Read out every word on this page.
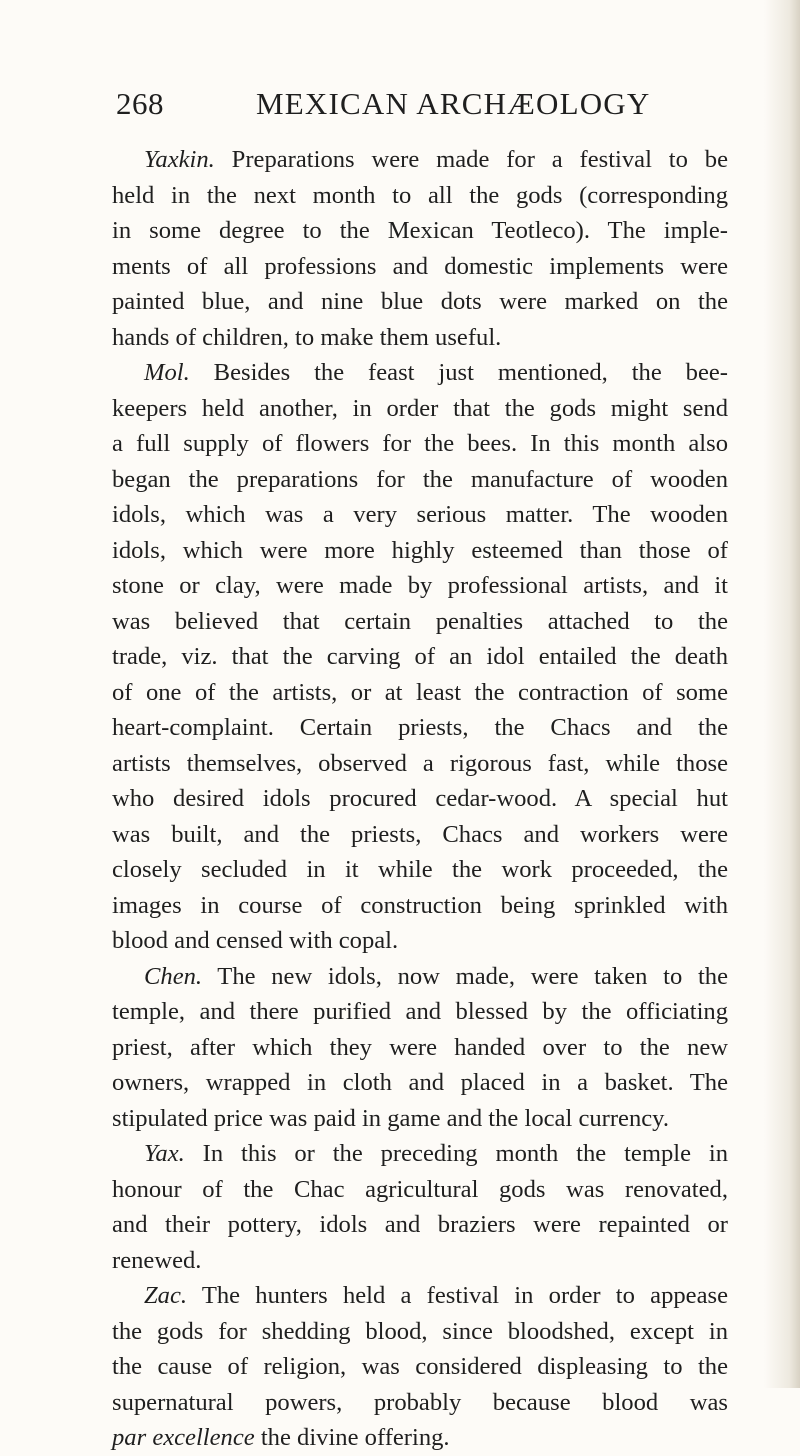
268	MEXICAN ARCHÆOLOGY
Yaxkin. Preparations were made for a festival to be
held in the next month to all the gods (corresponding
in some degree to the Mexican Teotleco). The imple-
ments of all professions and domestic implements were
painted blue, and nine blue dots were marked on the
hands of children, to make them useful.
Mol. Besides the feast just mentioned, the bee-
keepers held another, in order that the gods might send
a full supply of flowers for the bees. In this month also
began the preparations for the manufacture of wooden
idols, which was a very serious matter. The wooden
idols, which were more highly esteemed than those of
stone or clay, were made by professional artists, and it
was believed that certain penalties attached to the
trade, viz. that the carving of an idol entailed the death
of one of the artists, or at least the contraction of some
heart-complaint. Certain priests, the Chacs and the
artists themselves, observed a rigorous fast, while those
who desired idols procured cedar-wood. A special hut
was built, and the priests, Chacs and workers were
closely secluded in it while the work proceeded, the
images in course of construction being sprinkled with
blood and censed with copal.
Chen. The new idols, now made, were taken to the
temple, and there purified and blessed by the officiating
priest, after which they were handed over to the new
owners, wrapped in cloth and placed in a basket. The
stipulated price was paid in game and the local currency.
Yax. In this or the preceding month the temple in
honour of the Chac agricultural gods was renovated,
and their pottery, idols and braziers were repainted or
renewed.
Zac. The hunters held a festival in order to appease
the gods for shedding blood, since bloodshed, except in
the cause of religion, was considered displeasing to the
supernatural powers, probably because blood was
par excellence the divine offering.
